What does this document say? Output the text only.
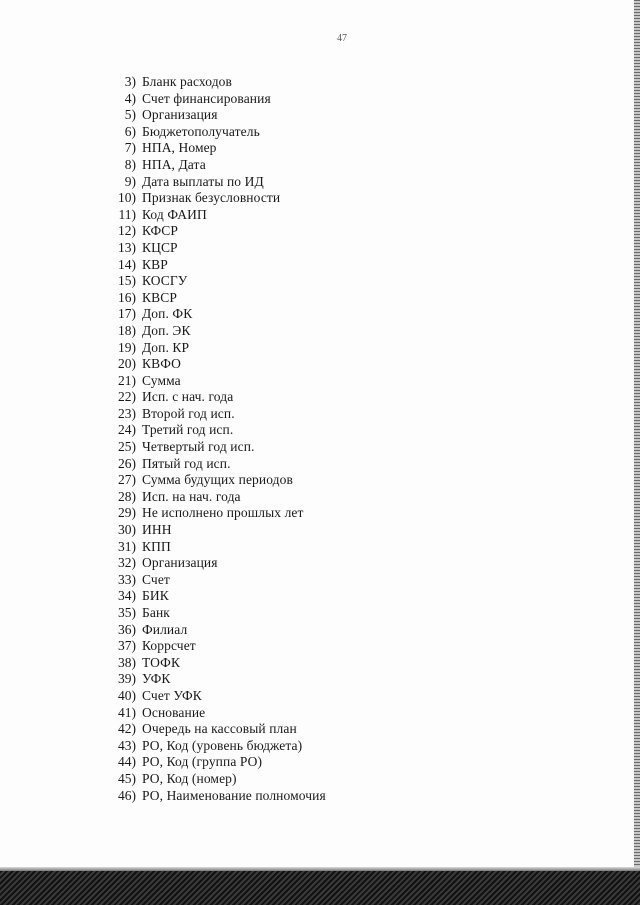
47
3) Бланк расходов
4) Счет финансирования
5) Организация
6) Бюджетополучатель
7) НПА, Номер
8) НПА, Дата
9) Дата выплаты по ИД
10) Признак безусловности
11) Код ФАИП
12) КФСР
13) КЦСР
14) КВР
15) КОСГУ
16) КВСР
17) Доп. ФК
18) Доп. ЭК
19) Доп. КР
20) КВФО
21) Сумма
22) Исп. с нач. года
23) Второй год исп.
24) Третий год исп.
25) Четвертый год исп.
26) Пятый год исп.
27) Сумма будущих периодов
28) Исп. на нач. года
29) Не исполнено прошлых лет
30) ИНН
31) КПП
32) Организация
33) Счет
34) БИК
35) Банк
36) Филиал
37) Коррсчет
38) ТОФК
39) УФК
40) Счет УФК
41) Основание
42) Очередь на кассовый план
43) РО, Код (уровень бюджета)
44) РО, Код (группа РО)
45) РО, Код (номер)
46) РО, Наименование полномочия
